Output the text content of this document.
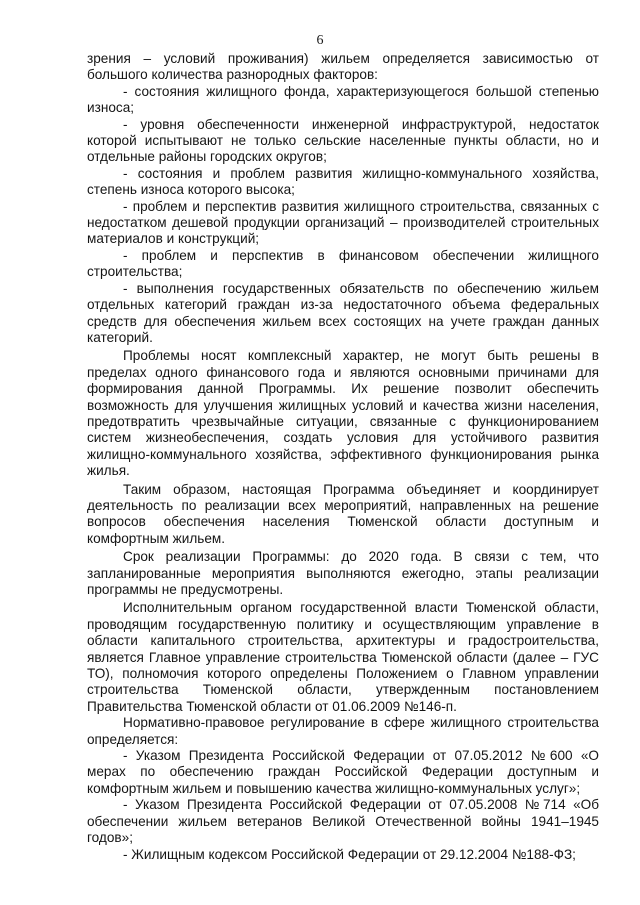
6

зрения – условий проживания) жильем определяется зависимостью от большого количества разнородных факторов:

- состояния жилищного фонда, характеризующегося большой степенью износа;

- уровня обеспеченности инженерной инфраструктурой, недостаток которой испытывают не только сельские населенные пункты области, но и отдельные районы городских округов;

- состояния и проблем развития жилищно-коммунального хозяйства, степень износа которого высока;

- проблем и перспектив развития жилищного строительства, связанных с недостатком дешевой продукции организаций – производителей строительных материалов и конструкций;

- проблем и перспектив в финансовом обеспечении жилищного строительства;

- выполнения государственных обязательств по обеспечению жильем отдельных категорий граждан из-за недостаточного объема федеральных средств для обеспечения жильем всех состоящих на учете граждан данных категорий.

Проблемы носят комплексный характер, не могут быть решены в пределах одного финансового года и являются основными причинами для формирования данной Программы. Их решение позволит обеспечить возможность для улучшения жилищных условий и качества жизни населения, предотвратить чрезвычайные ситуации, связанные с функционированием систем жизнеобеспечения, создать условия для устойчивого развития жилищно-коммунального хозяйства, эффективного функционирования рынка жилья.

Таким образом, настоящая Программа объединяет и координирует деятельность по реализации всех мероприятий, направленных на решение вопросов обеспечения населения Тюменской области доступным и комфортным жильем.

Срок реализации Программы: до 2020 года. В связи с тем, что запланированные мероприятия выполняются ежегодно, этапы реализации программы не предусмотрены.

Исполнительным органом государственной власти Тюменской области, проводящим государственную политику и осуществляющим управление в области капитального строительства, архитектуры и градостроительства, является Главное управление строительства Тюменской области (далее – ГУС ТО), полномочия которого определены Положением о Главном управлении строительства Тюменской области, утвержденным постановлением Правительства Тюменской области от 01.06.2009 №146-п.

Нормативно-правовое регулирование в сфере жилищного строительства определяется:

- Указом Президента Российской Федерации от 07.05.2012 №600 «О мерах по обеспечению граждан Российской Федерации доступным и комфортным жильем и повышению качества жилищно-коммунальных услуг»;

- Указом Президента Российской Федерации от 07.05.2008 №714 «Об обеспечении жильем ветеранов Великой Отечественной войны 1941–1945 годов»;

- Жилищным кодексом Российской Федерации от 29.12.2004 №188-ФЗ;
